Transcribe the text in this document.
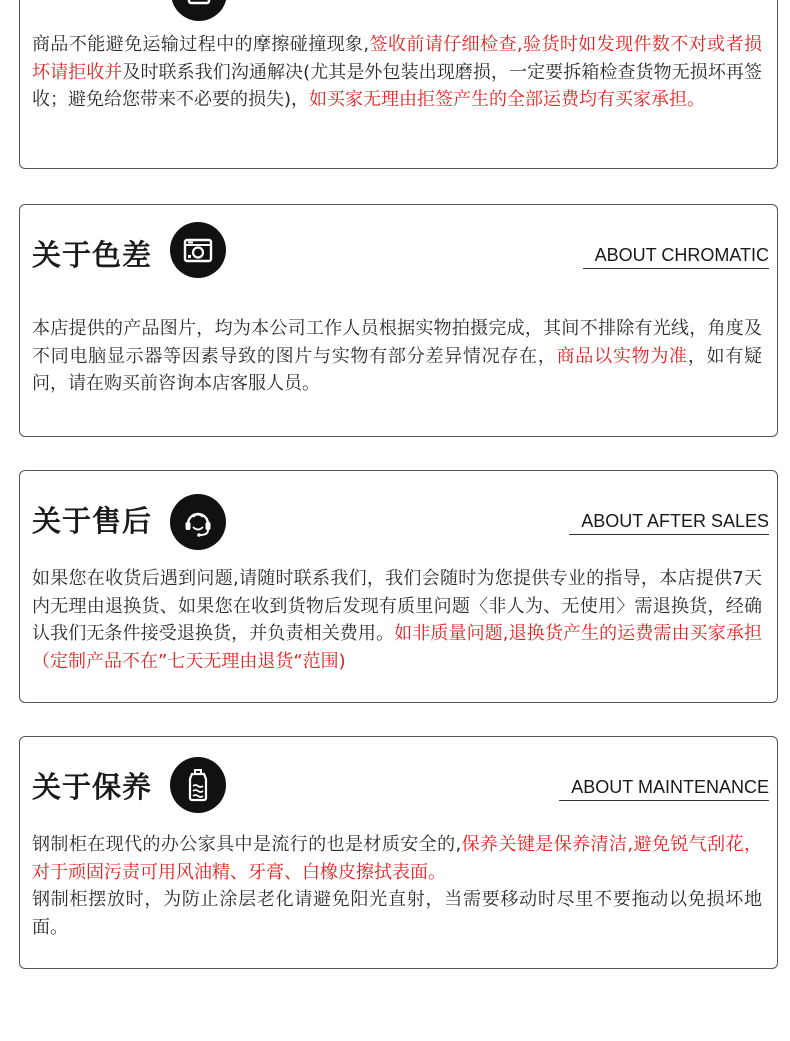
商品不能避免运输过程中的摩擦碰撞现象,签收前请仔细检查,验货时如发现件数不对或者损坏请拒收并及时联系我们沟通解决(尤其是外包装出现磨损，一定要拆箱检查货物无损坏再签收；避免给您带来不必要的损失)，如买家无理由拒签产生的全部运费均有买家承担。

关于色差	ABOUT CHROMATIC

本店提供的产品图片，均为本公司工作人员根据实物拍摄完成，其间不排除有光线，角度及不同电脑显示器等因素导致的图片与实物有部分差异情况存在，商品以实物为准，如有疑问，请在购买前咨询本店客服人员。

关于售后	ABOUT AFTER SALES

如果您在收货后遇到问题,请随时联系我们，我们会随时为您提供专业的指导，本店提供7天内无理由退换货、如果您在收到货物后发现有质里问题〈非人为、无使用〉需退换货，经确认我们无条件接受退换货，并负责相关费用。如非质量问题,退换货产生的运费需由买家承担（定制产品不在”七天无理由退货“范围)

关于保养	ABOUT MAINTENANCE

钢制柜在现代的办公家具中是流行的也是材质安全的,保养关键是保养清洁,避免锐气刮花，对于顽固污责可用风油精、牙膏、白橡皮擦拭表面。

钢制柜摆放时，为防止涂层老化请避免阳光直射，当需要移动时尽里不要拖动以免损坏地面。
